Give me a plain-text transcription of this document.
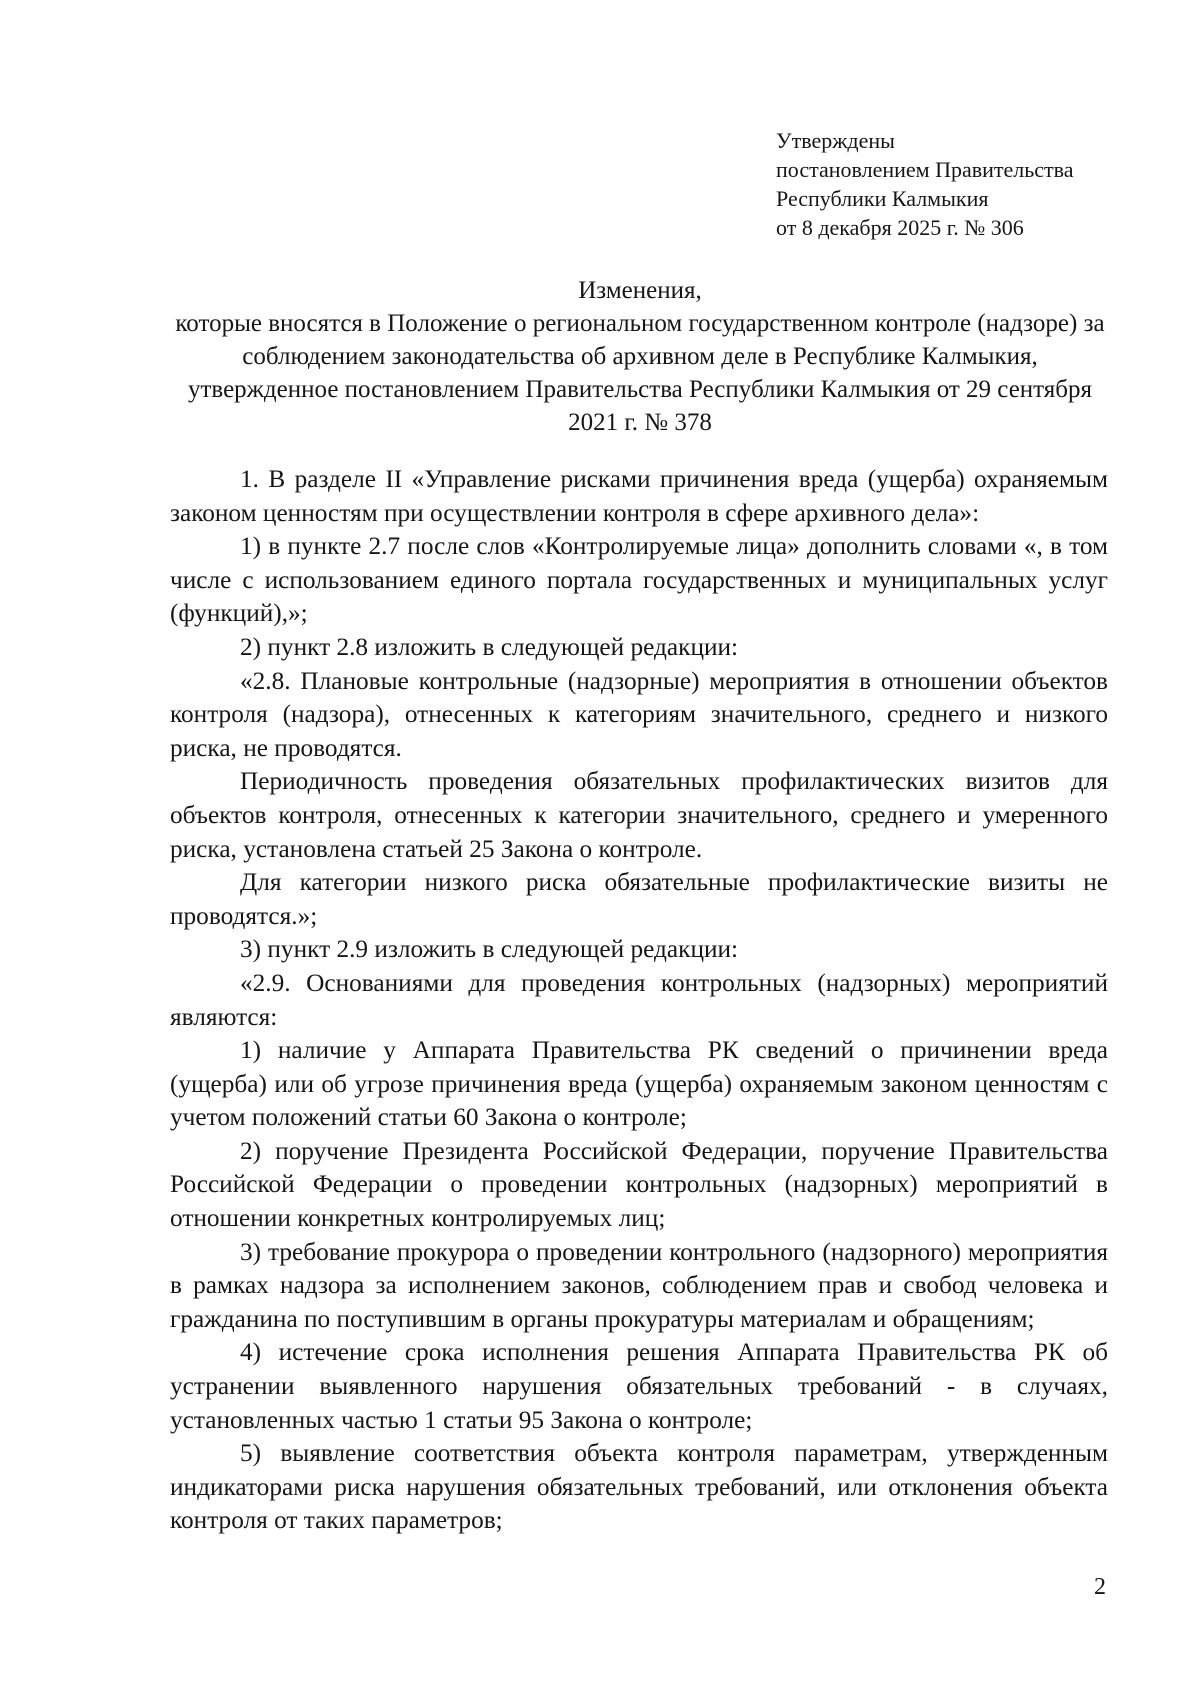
Утверждены
постановлением Правительства
Республики Калмыкия
от 8 декабря 2025 г. № 306
Изменения,

которые вносятся в Положение о региональном государственном контроле (надзоре) за соблюдением законодательства об архивном деле в Республике Калмыкия, утвержденное постановлением Правительства Республики Калмыкия от 29 сентября 2021 г. № 378

1. В разделе II «Управление рисками причинения вреда (ущерба) охраняемым законом ценностям при осуществлении контроля в сфере архивного дела»:

1) в пункте 2.7 после слов «Контролируемые лица» дополнить словами «, в том числе с использованием единого портала государственных и муниципальных услуг (функций),»;

2) пункт 2.8 изложить в следующей редакции:

«2.8. Плановые контрольные (надзорные) мероприятия в отношении объектов контроля (надзора), отнесенных к категориям значительного, среднего и низкого риска, не проводятся.

Периодичность проведения обязательных профилактических визитов для объектов контроля, отнесенных к категории значительного, среднего и умеренного риска, установлена статьей 25 Закона о контроле.

Для категории низкого риска обязательные профилактические визиты не проводятся.»;

3) пункт 2.9 изложить в следующей редакции:

«2.9. Основаниями для проведения контрольных (надзорных) мероприятий являются:

1) наличие у Аппарата Правительства РК сведений о причинении вреда (ущерба) или об угрозе причинения вреда (ущерба) охраняемым законом ценностям с учетом положений статьи 60 Закона о контроле;

2) поручение Президента Российской Федерации, поручение Правительства Российской Федерации о проведении контрольных (надзорных) мероприятий в отношении конкретных контролируемых лиц;

3) требование прокурора о проведении контрольного (надзорного) мероприятия в рамках надзора за исполнением законов, соблюдением прав и свобод человека и гражданина по поступившим в органы прокуратуры материалам и обращениям;

4) истечение срока исполнения решения Аппарата Правительства РК об устранении выявленного нарушения обязательных требований - в случаях, установленных частью 1 статьи 95 Закона о контроле;

5) выявление соответствия объекта контроля параметрам, утвержденным индикаторами риска нарушения обязательных требований, или отклонения объекта контроля от таких параметров;

2
